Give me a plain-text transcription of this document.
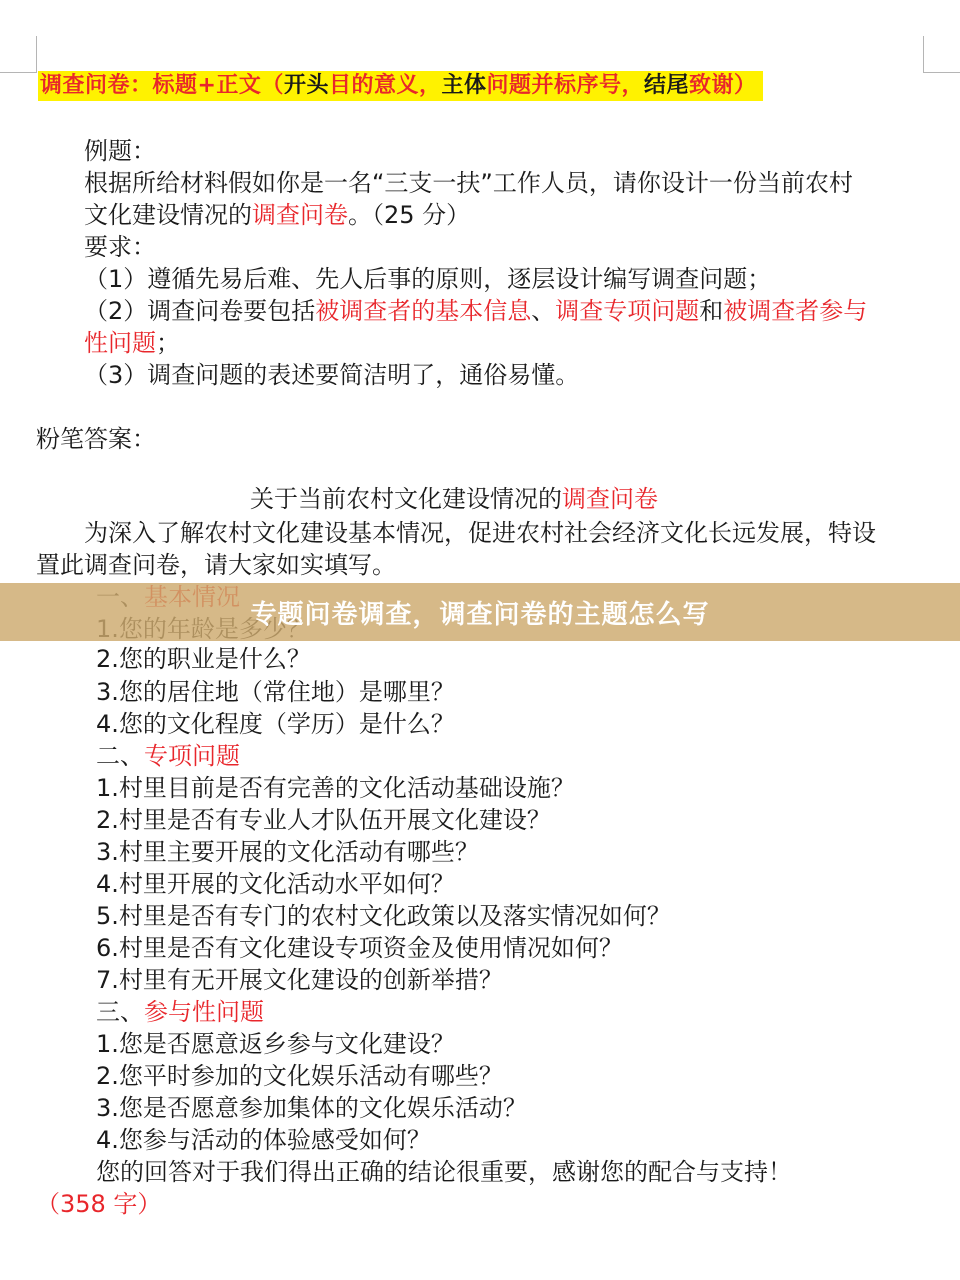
调查问卷：标题+正文（开头目的意义，主体问题并标序号，结尾致谢）
例题：
根据所给材料假如你是一名“三支一扶”工作人员，请你设计一份当前农村
文化建设情况的调查问卷。（25 分）
要求：
（1）遵循先易后难、先人后事的原则，逐层设计编写调查问题；
（2）调查问卷要包括被调查者的基本信息、调查专项问题和被调查者参与
性问题；
（3）调查问题的表述要简洁明了，通俗易懂。
粉笔答案：
关于当前农村文化建设情况的调查问卷
为深入了解农村文化建设基本情况，促进农村社会经济文化长远发展，特设
置此调查问卷，请大家如实填写。
2.您的职业是什么？
3.您的居住地（常住地）是哪里？
4.您的文化程度（学历）是什么？
二、专项问题
1.村里目前是否有完善的文化活动基础设施？
2.村里是否有专业人才队伍开展文化建设？
3.村里主要开展的文化活动有哪些？
4.村里开展的文化活动水平如何？
5.村里是否有专门的农村文化政策以及落实情况如何？
6.村里是否有文化建设专项资金及使用情况如何？
7.村里有无开展文化建设的创新举措？
三、参与性问题
1.您是否愿意返乡参与文化建设？
2.您平时参加的文化娱乐活动有哪些？
3.您是否愿意参加集体的文化娱乐活动？
4.您参与活动的体验感受如何？
您的回答对于我们得出正确的结论很重要，感谢您的配合与支持！
（358 字）
专题问卷调查，调查问卷的主题怎么写
